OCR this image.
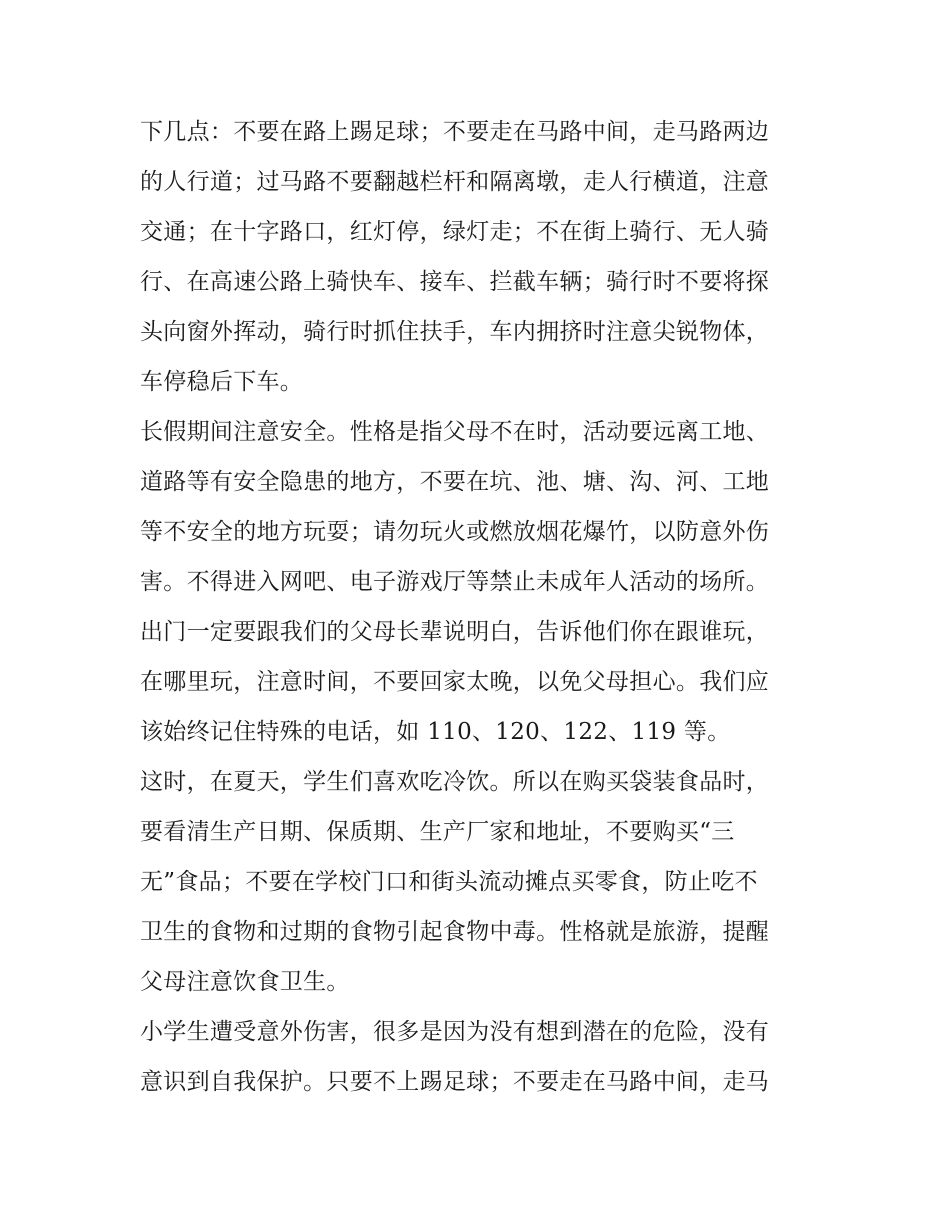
下几点：不要在路上踢足球；不要走在马路中间，走马路两边
的人行道；过马路不要翻越栏杆和隔离墩，走人行横道，注意
交通；在十字路口，红灯停，绿灯走；不在街上骑行、无人骑
行、在高速公路上骑快车、接车、拦截车辆；骑行时不要将探
头向窗外挥动，骑行时抓住扶手，车内拥挤时注意尖锐物体，
车停稳后下车。
长假期间注意安全。性格是指父母不在时，活动要远离工地、
道路等有安全隐患的地方，不要在坑、池、塘、沟、河、工地
等不安全的地方玩耍；请勿玩火或燃放烟花爆竹，以防意外伤
害。不得进入网吧、电子游戏厅等禁止未成年人活动的场所。
出门一定要跟我们的父母长辈说明白，告诉他们你在跟谁玩，
在哪里玩，注意时间，不要回家太晚，以免父母担心。我们应
该始终记住特殊的电话，如 110、120、122、119 等。
这时，在夏天，学生们喜欢吃冷饮。所以在购买袋装食品时，
要看清生产日期、保质期、生产厂家和地址，不要购买“三
无”食品；不要在学校门口和街头流动摊点买零食，防止吃不
卫生的食物和过期的食物引起食物中毒。性格就是旅游，提醒
父母注意饮食卫生。
小学生遭受意外伤害，很多是因为没有想到潜在的危险，没有
意识到自我保护。只要不上踢足球；不要走在马路中间，走马
